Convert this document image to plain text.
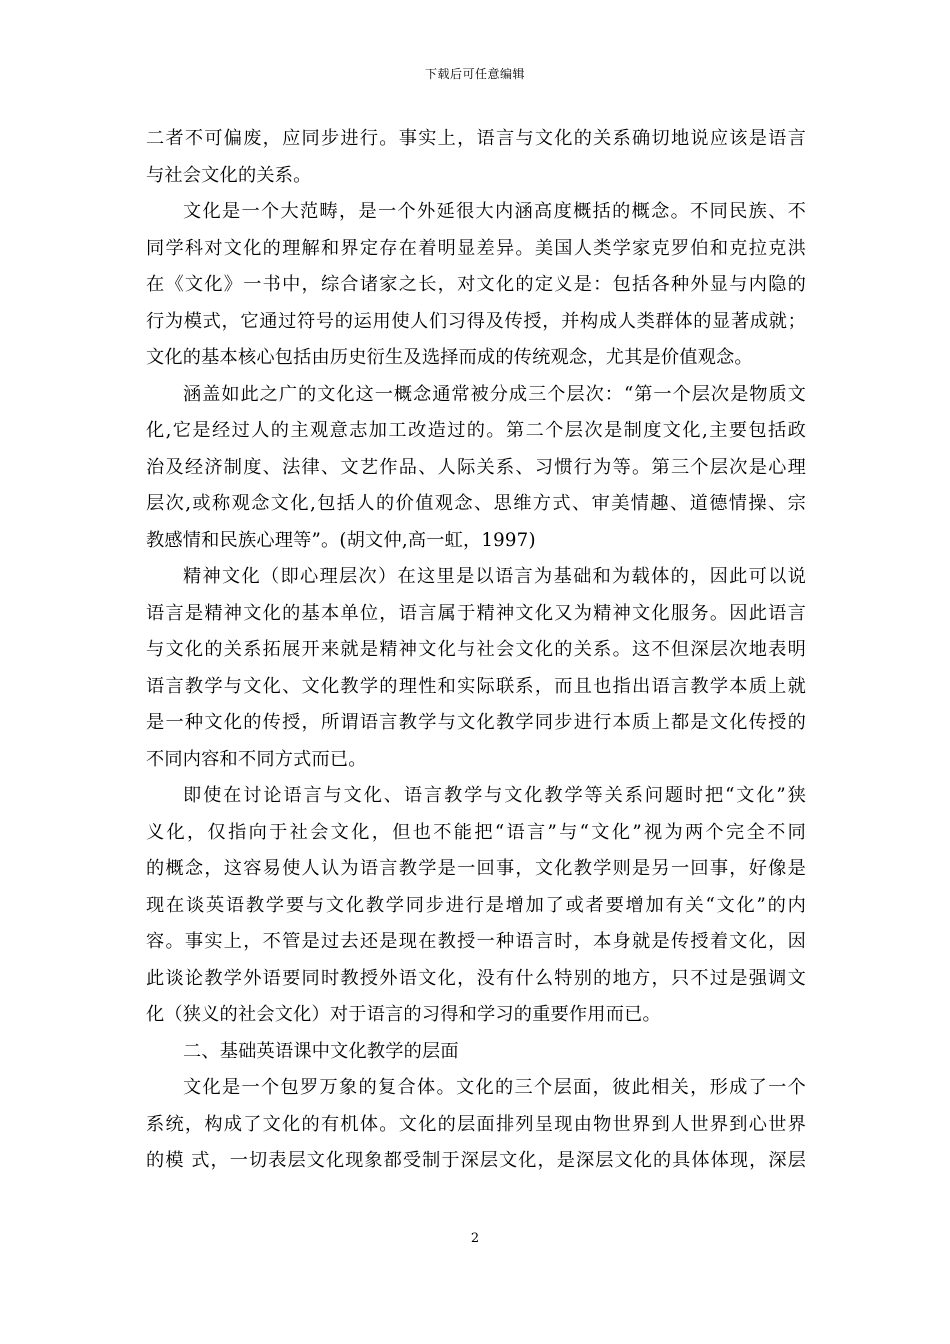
下载后可任意编辑
二者不可偏废，应同步进行。事实上，语言与文化的关系确切地说应该是语言
与社会文化的关系。
文化是一个大范畴，是一个外延很大内涵高度概括的概念。不同民族、不
同学科对文化的理解和界定存在着明显差异。美国人类学家克罗伯和克拉克洪
在《文化》一书中，综合诸家之长，对文化的定义是：包括各种外显与内隐的
行为模式，它通过符号的运用使人们习得及传授，并构成人类群体的显著成就；
文化的基本核心包括由历史衍生及选择而成的传统观念，尤其是价值观念。
涵盖如此之广的文化这一概念通常被分成三个层次：“第一个层次是物质文
化,它是经过人的主观意志加工改造过的。第二个层次是制度文化,主要包括政
治及经济制度、法律、文艺作品、人际关系、习惯行为等。第三个层次是心理
层次,或称观念文化,包括人的价值观念、思维方式、审美情趣、道德情操、宗
教感情和民族心理等”。(胡文仲,高一虹，1997)
精神文化（即心理层次）在这里是以语言为基础和为载体的，因此可以说
语言是精神文化的基本单位，语言属于精神文化又为精神文化服务。因此语言
与文化的关系拓展开来就是精神文化与社会文化的关系。这不但深层次地表明
语言教学与文化、文化教学的理性和实际联系，而且也指出语言教学本质上就
是一种文化的传授，所谓语言教学与文化教学同步进行本质上都是文化传授的
不同内容和不同方式而已。
即使在讨论语言与文化、语言教学与文化教学等关系问题时把“文化”狭
义化，仅指向于社会文化，但也不能把“语言”与“文化”视为两个完全不同
的概念，这容易使人认为语言教学是一回事，文化教学则是另一回事，好像是
现在谈英语教学要与文化教学同步进行是增加了或者要增加有关“文化”的内
容。事实上，不管是过去还是现在教授一种语言时，本身就是传授着文化，因
此谈论教学外语要同时教授外语文化，没有什么特别的地方，只不过是强调文
化（狭义的社会文化）对于语言的习得和学习的重要作用而已。
二、基础英语课中文化教学的层面
文化是一个包罗万象的复合体。文化的三个层面，彼此相关，形成了一个
系统，构成了文化的有机体。文化的层面排列呈现由物世界到人世界到心世界
的模 式，一切表层文化现象都受制于深层文化，是深层文化的具体体现，深层
2
